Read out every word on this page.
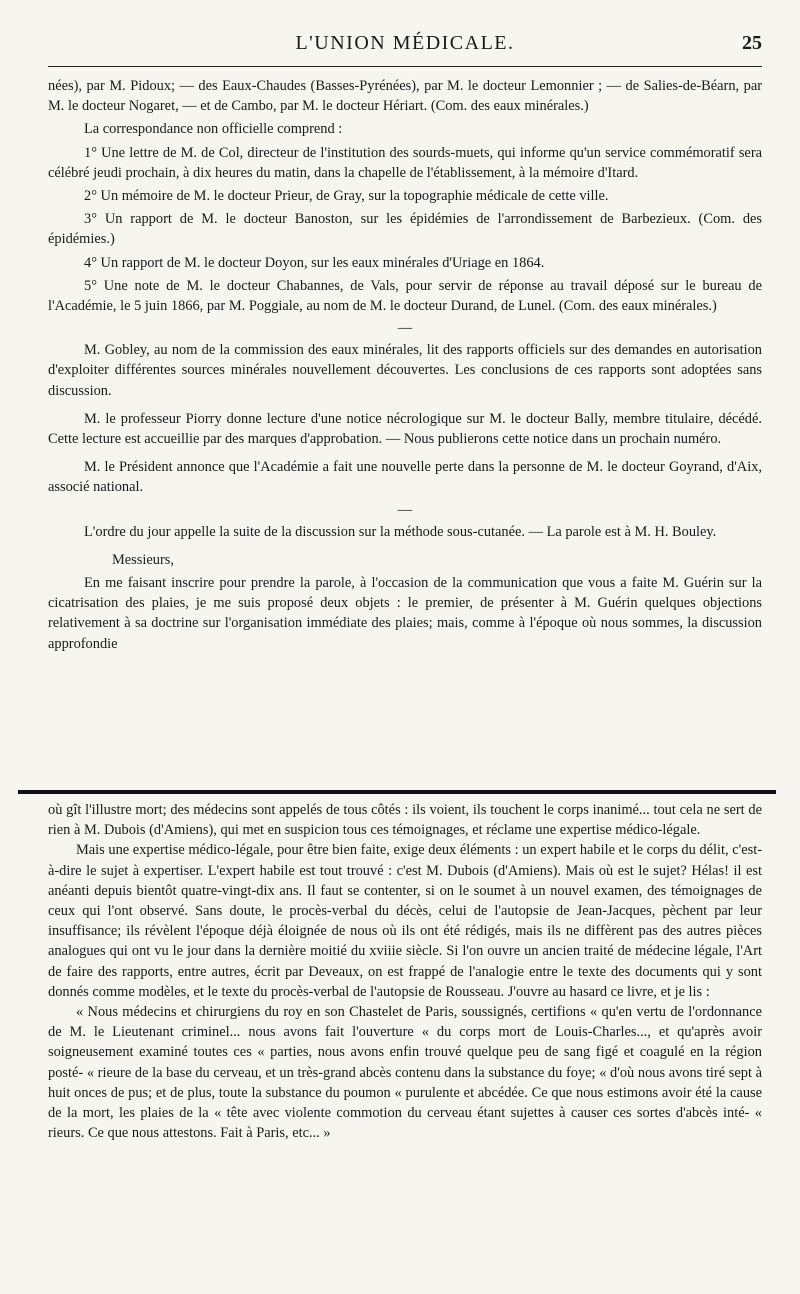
L'UNION MÉDICALE.	25

nées), par M. Pidoux; — des Eaux-Chaudes (Basses-Pyrénées), par M. le docteur Lemonnier ; — de Salies-de-Béarn, par M. le docteur Nogaret, — et de Cambo, par M. le docteur Hériart. (Com. des eaux minérales.)

La correspondance non officielle comprend :

1° Une lettre de M. de Col, directeur de l'institution des sourds-muets, qui informe qu'un service commémoratif sera célébré jeudi prochain, à dix heures du matin, dans la chapelle de l'établissement, à la mémoire d'Itard.

2° Un mémoire de M. le docteur Prieur, de Gray, sur la topographie médicale de cette ville.

3° Un rapport de M. le docteur Banoston, sur les épidémies de l'arrondissement de Barbezieux. (Com. des épidémies.)

4° Un rapport de M. le docteur Doyon, sur les eaux minérales d'Uriage en 1864.

5° Une note de M. le docteur Chabannes, de Vals, pour servir de réponse au travail déposé sur le bureau de l'Académie, le 5 juin 1866, par M. Poggiale, au nom de M. le docteur Durand, de Lunel. (Com. des eaux minérales.)

—

M. Gobley, au nom de la commission des eaux minérales, lit des rapports officiels sur des demandes en autorisation d'exploiter différentes sources minérales nouvellement découvertes. Les conclusions de ces rapports sont adoptées sans discussion.

M. le professeur Piorry donne lecture d'une notice nécrologique sur M. le docteur Bally, membre titulaire, décédé. Cette lecture est accueillie par des marques d'approbation. — Nous publierons cette notice dans un prochain numéro.

M. le Président annonce que l'Académie a fait une nouvelle perte dans la personne de M. le docteur Goyrand, d'Aix, associé national.

—

L'ordre du jour appelle la suite de la discussion sur la méthode sous-cutanée. — La parole est à M. H. Bouley.

Messieurs,

En me faisant inscrire pour prendre la parole, à l'occasion de la communication que vous a faite M. Guérin sur la cicatrisation des plaies, je me suis proposé deux objets : le premier, de présenter à M. Guérin quelques objections relativement à sa doctrine sur l'organisation immédiate des plaies; mais, comme à l'époque où nous sommes, la discussion approfondie

où gît l'illustre mort; des médecins sont appelés de tous côtés : ils voient, ils touchent le corps inanimé... tout cela ne sert de rien à M. Dubois (d'Amiens), qui met en suspicion tous ces témoignages, et réclame une expertise médico-légale.

Mais une expertise médico-légale, pour être bien faite, exige deux éléments : un expert habile et le corps du délit, c'est-à-dire le sujet à expertiser. L'expert habile est tout trouvé : c'est M. Dubois (d'Amiens). Mais où est le sujet? Hélas! il est anéanti depuis bientôt quatre-vingt-dix ans. Il faut se contenter, si on le soumet à un nouvel examen, des témoignages de ceux qui l'ont observé. Sans doute, le procès-verbal du décès, celui de l'autopsie de Jean-Jacques, pèchent par leur insuffisance; ils révèlent l'époque déjà éloignée de nous où ils ont été rédigés, mais ils ne diffèrent pas des autres pièces analogues qui ont vu le jour dans la dernière moitié du xviiie siècle. Si l'on ouvre un ancien traité de médecine légale, l'Art de faire des rapports, entre autres, écrit par Deveaux, on est frappé de l'analogie entre le texte des documents qui y sont donnés comme modèles, et le texte du procès-verbal de l'autopsie de Rousseau. J'ouvre au hasard ce livre, et je lis :

« Nous médecins et chirurgiens du roy en son Chastelet de Paris, soussignés, certifions « qu'en vertu de l'ordonnance de M. le Lieutenant criminel... nous avons fait l'ouverture « du corps mort de Louis-Charles..., et qu'après avoir soigneusement examiné toutes ces « parties, nous avons enfin trouvé quelque peu de sang figé et coagulé en la région posté- « rieure de la base du cerveau, et un très-grand abcès contenu dans la substance du foye; « d'où nous avons tiré sept à huit onces de pus; et de plus, toute la substance du poumon « purulente et abcédée. Ce que nous estimons avoir été la cause de la mort, les plaies de la « tête avec violente commotion du cerveau étant sujettes à causer ces sortes d'abcès inté- « rieurs. Ce que nous attestons. Fait à Paris, etc... »
